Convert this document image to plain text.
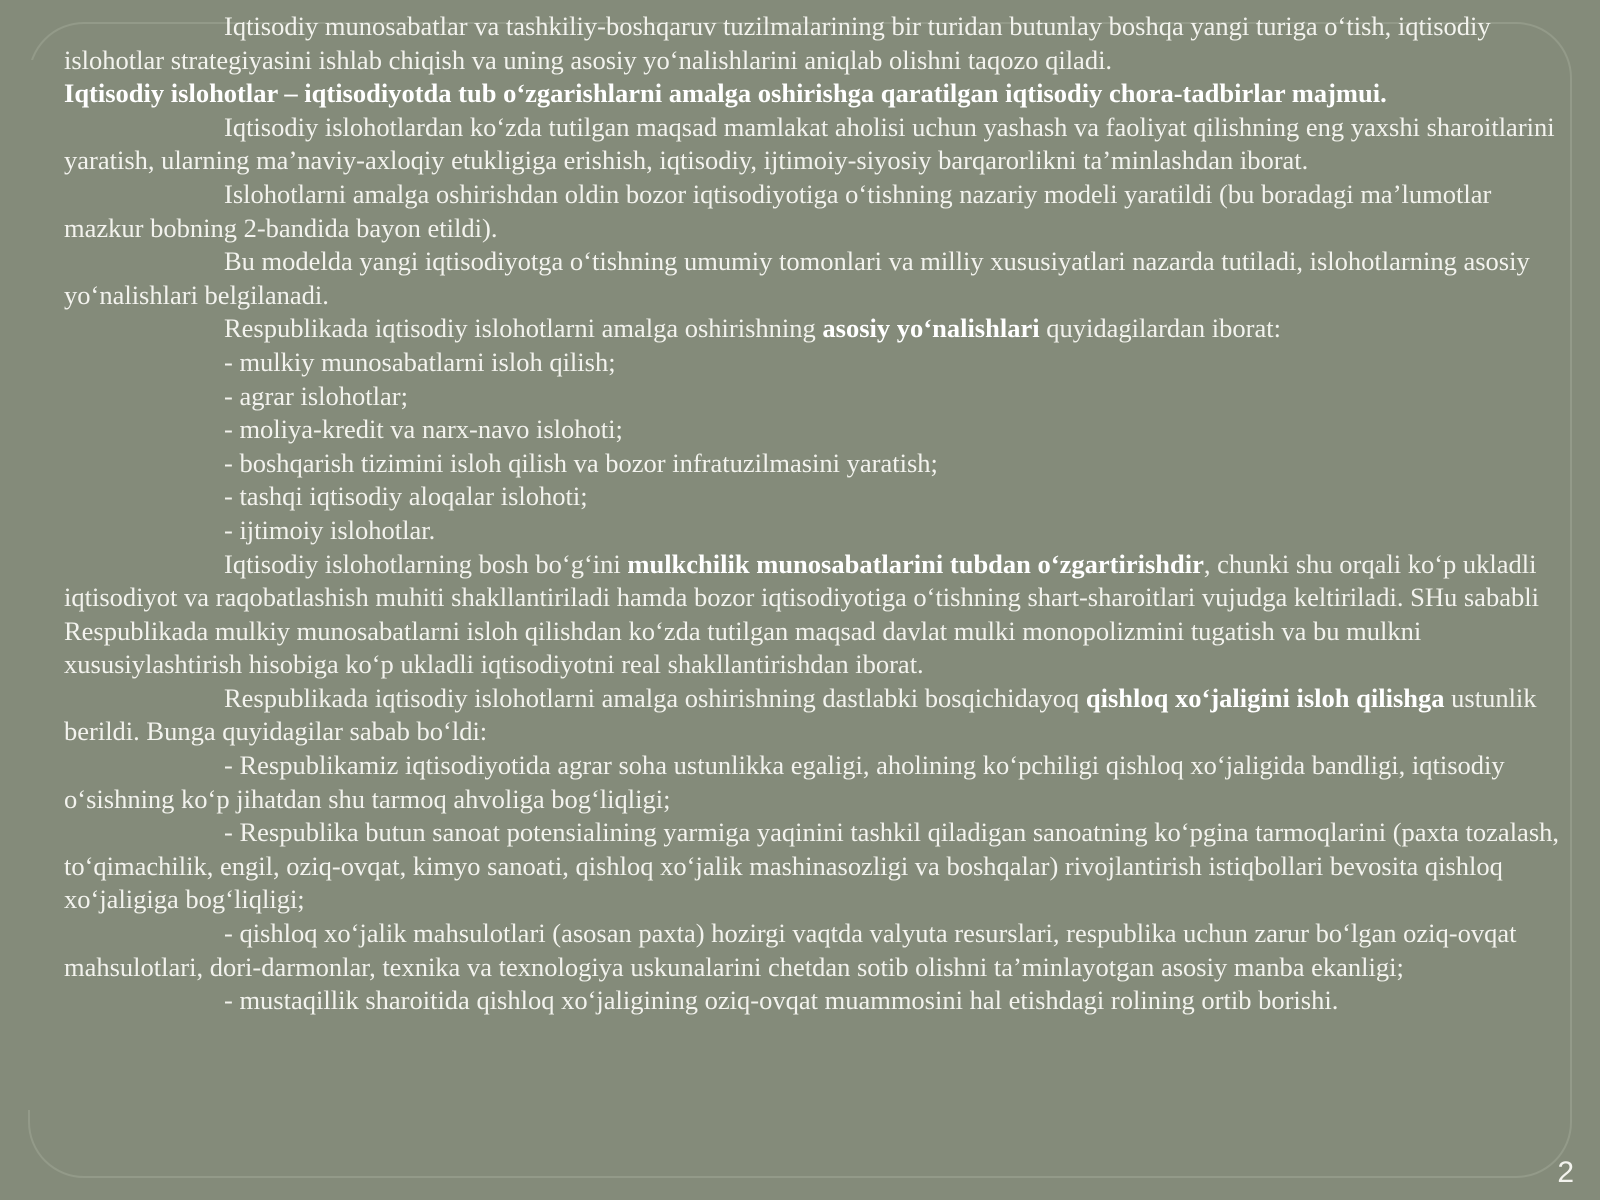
Iqtisodiy munosabatlar va tashkiliy-boshqaruv tuzilmalarining bir turidan butunlay boshqa yangi turiga o‘tish, iqtisodiy islohotlar strategiyasini ishlab chiqish va uning asosiy yo‘nalishlarini aniqlab olishni taqozo qiladi.

Iqtisodiy islohotlar – iqtisodiyotda tub o‘zgarishlarni amalga oshirishga qaratilgan iqtisodiy chora-tadbirlar majmui.

Iqtisodiy islohotlardan ko‘zda tutilgan maqsad mamlakat aholisi uchun yashash va faoliyat qilishning eng yaxshi sharoitlarini yaratish, ularning ma’naviy-axloqiy etukligiga erishish, iqtisodiy, ijtimoiy-siyosiy barqarorlikni ta’minlashdan iborat.

Islohotlarni amalga oshirishdan oldin bozor iqtisodiyotiga o‘tishning nazariy modeli yaratildi (bu boradagi ma’lumotlar mazkur bobning 2-bandida bayon etildi).

Bu modelda yangi iqtisodiyotga o‘tishning umumiy tomonlari va milliy xususiyatlari nazarda tutiladi, islohotlarning asosiy yo‘nalishlari belgilanadi.

Respublikada iqtisodiy islohotlarni amalga oshirishning asosiy yo‘nalishlari quyidagilardan iborat:

- mulkiy munosabatlarni isloh qilish;

- agrar islohotlar;

- moliya-kredit va narx-navo islohoti;

- boshqarish tizimini isloh qilish va bozor infratuzilmasini yaratish;

- tashqi iqtisodiy aloqalar islohoti;

- ijtimoiy islohotlar.

Iqtisodiy islohotlarning bosh bo‘g‘ini mulkchilik munosabatlarini tubdan o‘zgartirishdir, chunki shu orqali ko‘p ukladli iqtisodiyot va raqobatlashish muhiti shakllantiriladi hamda bozor iqtisodiyotiga o‘tishning shart-sharoitlari vujudga keltiriladi. SHu sababli Respublikada mulkiy munosabatlarni isloh qilishdan ko‘zda tutilgan maqsad davlat mulki monopolizmini tugatish va bu mulkni xususiylashtirish hisobiga ko‘p ukladli iqtisodiyotni real shakllantirishdan iborat.

Respublikada iqtisodiy islohotlarni amalga oshirishning dastlabki bosqichidayoq qishloq xo‘jaligini isloh qilishga ustunlik berildi. Bunga quyidagilar sabab bo‘ldi:

- Respublikamiz iqtisodiyotida agrar soha ustunlikka egaligi, aholining ko‘pchiligi qishloq xo‘jaligida bandligi, iqtisodiy o‘sishning ko‘p jihatdan shu tarmoq ahvoliga bog‘liqligi;

- Respublika butun sanoat potensialining yarmiga yaqinini tashkil qiladigan sanoatning ko‘pgina tarmoqlarini (paxta tozalash, to‘qimachilik, engil, oziq-ovqat, kimyo sanoati, qishloq xo‘jalik mashinasozligi va boshqalar) rivojlantirish istiqbollari bevosita qishloq xo‘jaligiga bog‘liqligi;

- qishloq xo‘jalik mahsulotlari (asosan paxta) hozirgi vaqtda valyuta resurslari, respublika uchun zarur bo‘lgan oziq-ovqat mahsulotlari, dori-darmonlar, texnika va texnologiya uskunalarini chetdan sotib olishni ta’minlayotgan asosiy manba ekanligi;

- mustaqillik sharoitida qishloq xo‘jaligining oziq-ovqat muammosini hal etishdagi rolining ortib borishi.

2
